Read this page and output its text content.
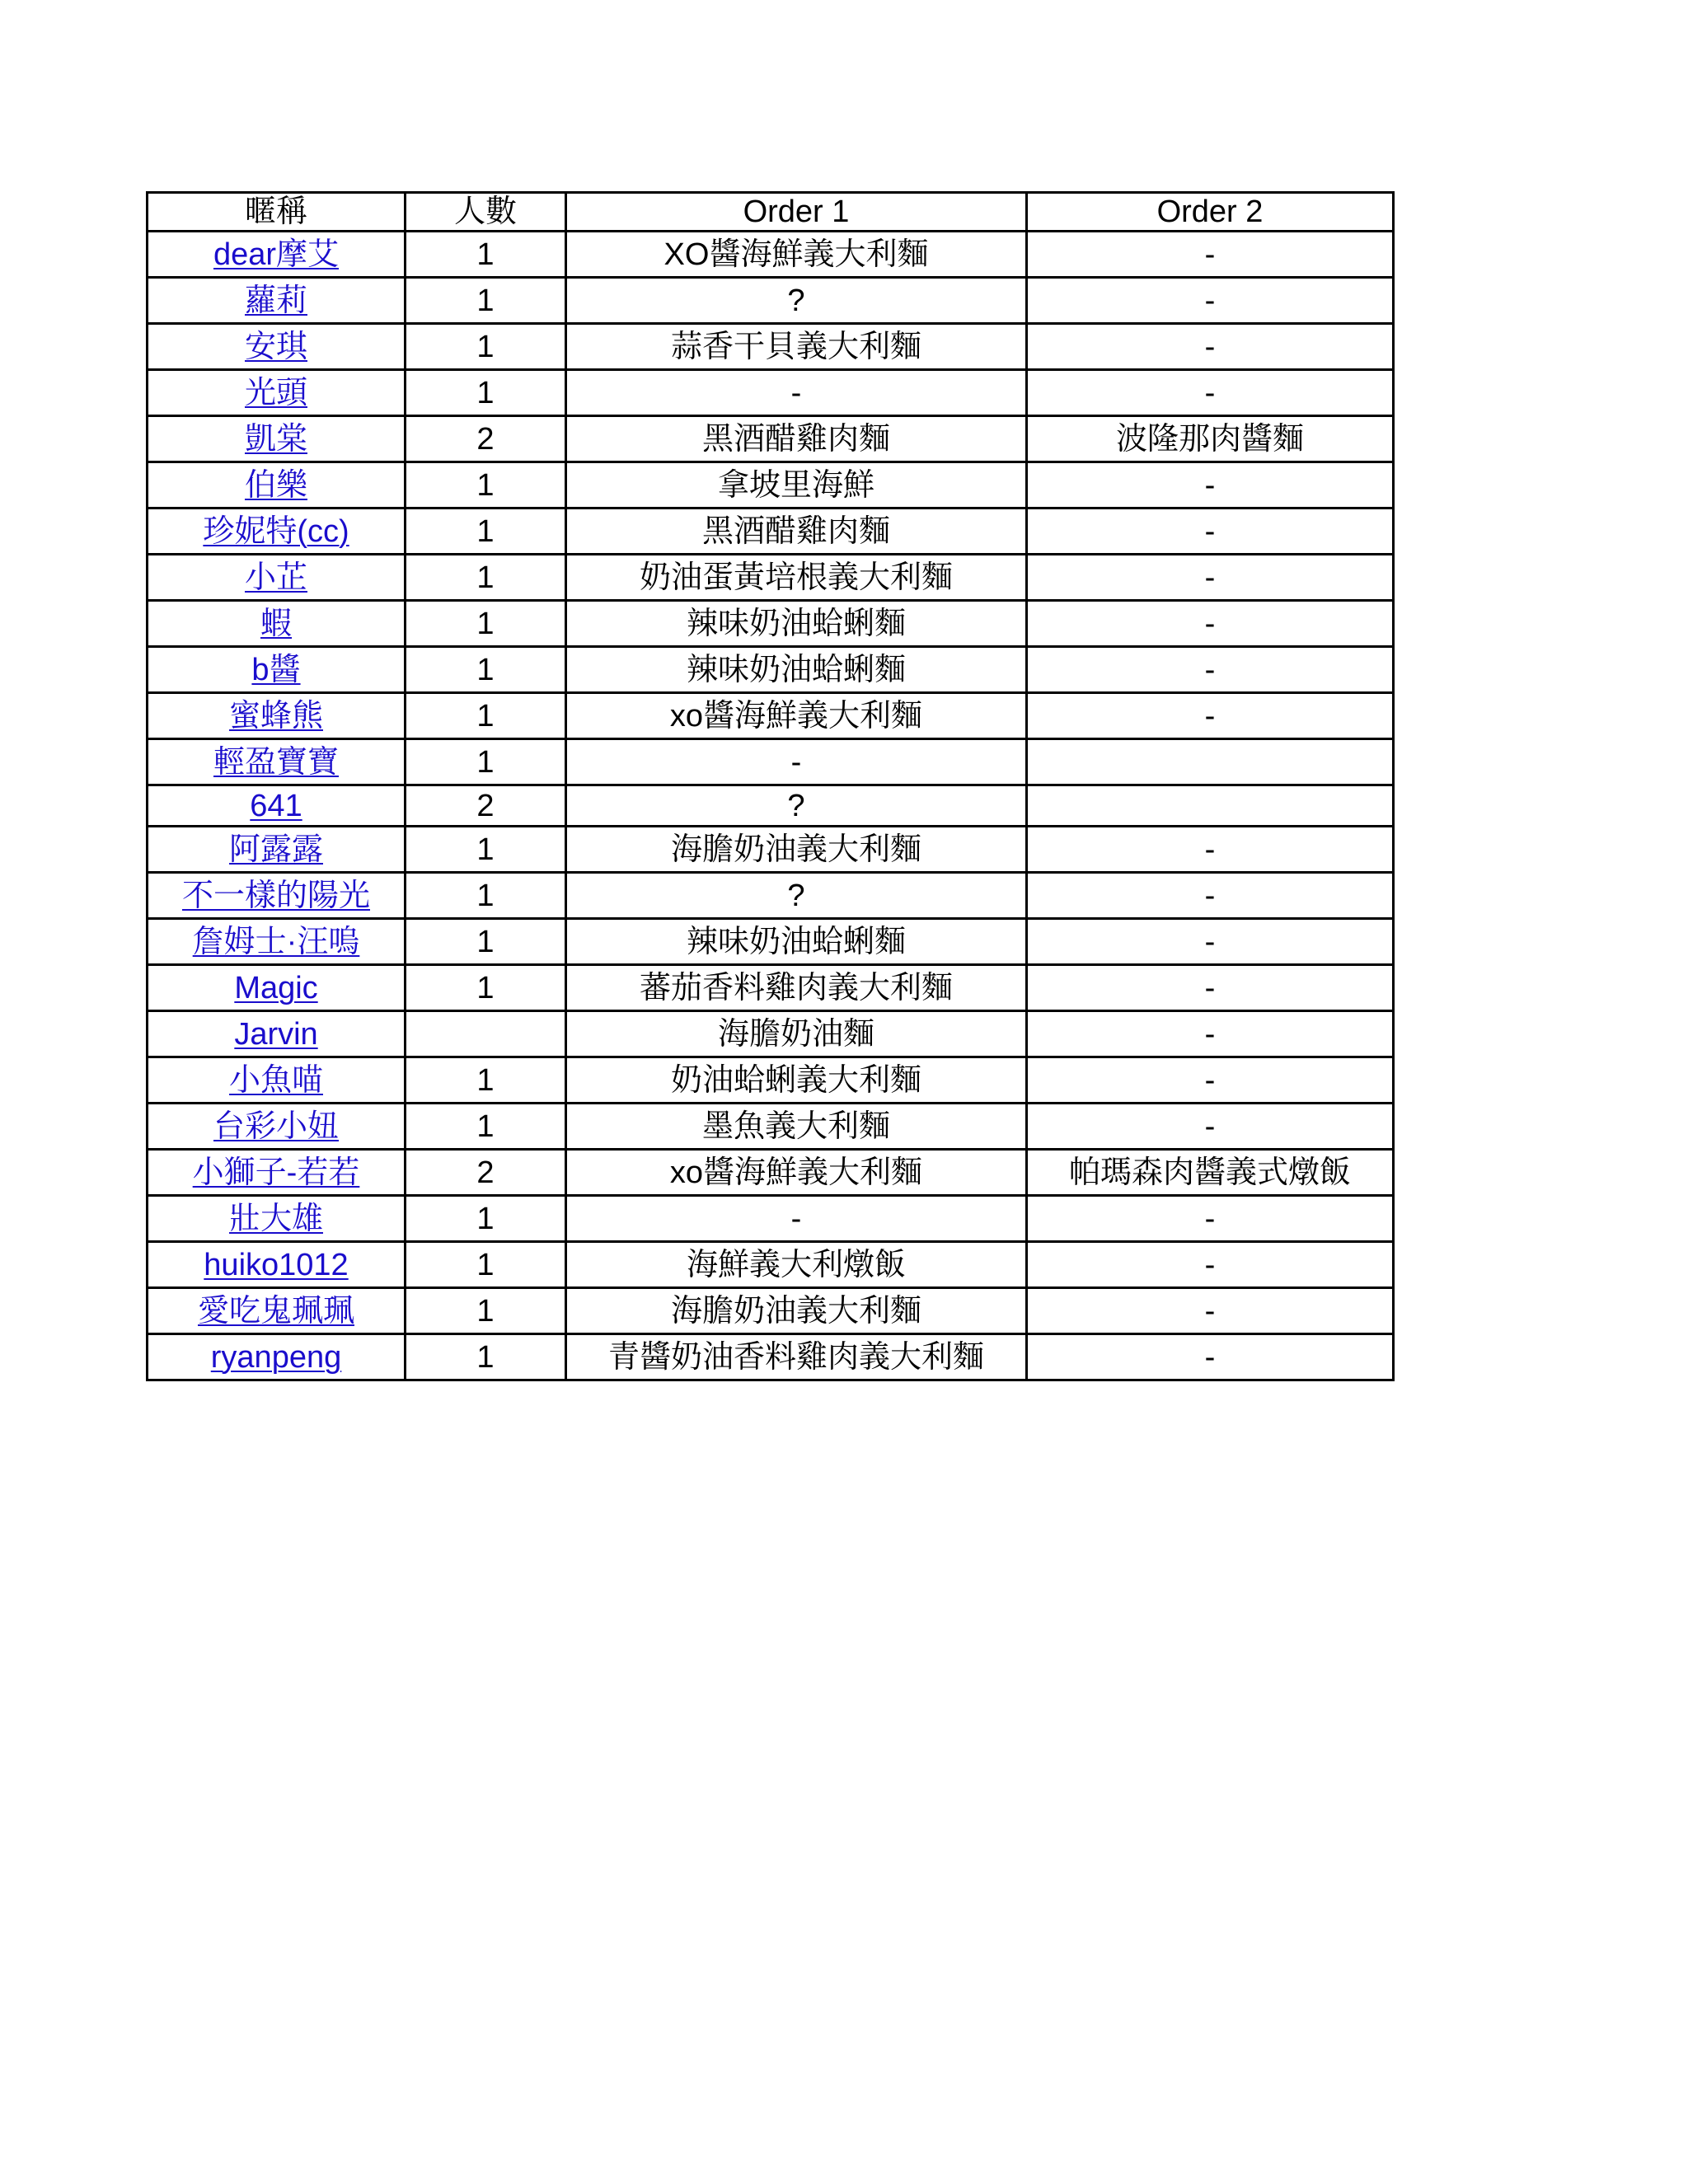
暱稱	人數	Order 1	Order 2
dear摩艾	1	XO醬海鮮義大利麵	-
蘿莉	1	?	-
安琪	1	蒜香干貝義大利麵	-
光頭	1	-	-
凱棠	2	黑酒醋雞肉麵	波隆那肉醬麵
伯樂	1	拿坡里海鮮	-
珍妮特(cc)	1	黑酒醋雞肉麵	-
小芷	1	奶油蛋黃培根義大利麵	-
蝦	1	辣味奶油蛤蜊麵	-
b醬	1	辣味奶油蛤蜊麵	-
蜜蜂熊	1	xo醬海鮮義大利麵	-
輕盈寶寶	1	-	
641	2	?	
阿露露	1	海膽奶油義大利麵	-
不一樣的陽光	1	?	-
詹姆士·汪嗚	1	辣味奶油蛤蜊麵	-
Magic	1	蕃茄香料雞肉義大利麵	-
Jarvin		海膽奶油麵	-
小魚喵	1	奶油蛤蜊義大利麵	-
台彩小妞	1	墨魚義大利麵	-
小獅子-若若	2	xo醬海鮮義大利麵	帕瑪森肉醬義式燉飯
壯大雄	1	-	-
huiko1012	1	海鮮義大利燉飯	-
愛吃鬼珮珮	1	海膽奶油義大利麵	-
ryanpeng	1	青醬奶油香料雞肉義大利麵	-
